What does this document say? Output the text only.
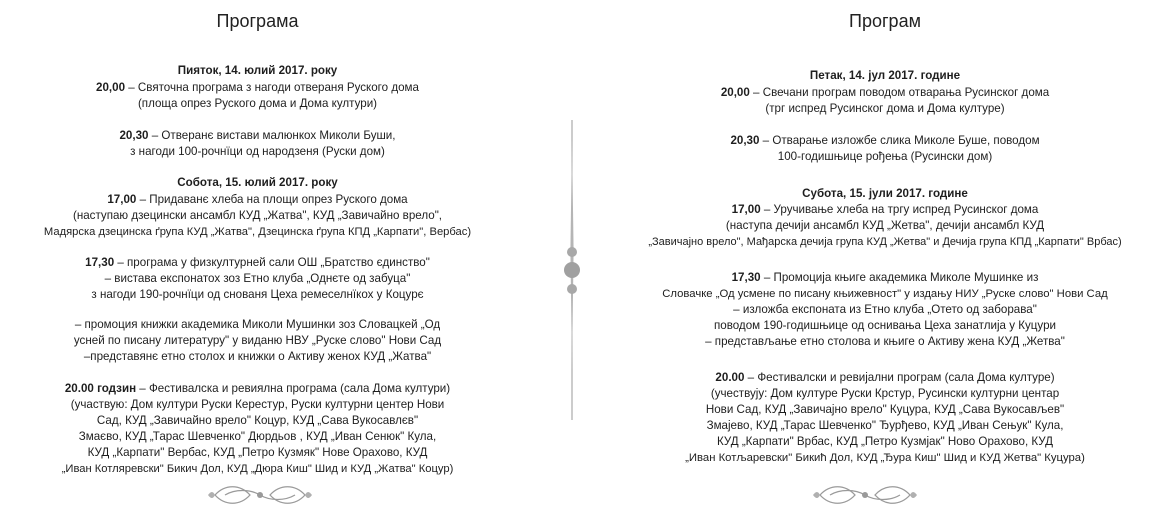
Програма
Пияток, 14. юлий 2017. року
20,00 – Святочна програма з нагоди отвераня Руского дома
(площа опрез Руского дома и Дома култури)
20,30 – Отверанє вистави малюнкох Миколи Буши,
з нагоди 100-рочнїци од народзеня (Руски дом)
Собота, 15. юлий 2017. року
17,00 – Придаванє хлеба на площи опрез Руского дома
(наступаю дзецински ансамбл КУД „Жатва", КУД „Завичайно врело",
Мадярска дзецинска ґрупа КУД „Жатва", Дзецинска ґрупа КПД „Карпати", Вербас)
17,30 – програма у физкултурней сали ОШ „Братство єдинство"
– вистава експонатох зоз Етно клуба „Однєте од забуца"
з нагоди 190-рочнїци од снованя Цеха ремеселнїкох у Коцурє
– промоция книжки академика Миколи Мушинки зоз Словацкей „Од
усней по писану литературу" у виданю НВУ „Руске слово" Нови Сад
–представянє етно столох и книжки о Активу женох КУД „Жатва"
20.00 годзин – Фестивалска и ревиялна програма (сала Дома култури)
(участвую: Дом култури Руски Керестур, Руски културни центер Нови
Сад, КУД „Завичайно врело" Коцур, КУД „Сава Вукосавлєв"
Змаєво, КУД „Тарас Шевченко" Дюрдьов , КУД „Иван Сенюк" Кула,
КУД „Карпати" Вербас, КУД „Петро Кузмяк" Нове Орахово, КУД
„Иван Котляревски" Бикич Дол, КУД „Дюра Киш" Шид и КУД „Жатва" Коцур)
Програм
Петак, 14. јул 2017. године
20,00 – Свечани програм поводом отварања Русинског дома
(трг испред Русинског дома и Дома културе)
20,30 – Отварање изложбе слика Миколе Буше, поводом
100-годишњице рођења (Русински дом)
Субота, 15. јули 2017. године
17,00 – Уручивање хлеба на тргу испред Русинског дома
(наступа дечији ансамбл КУД „Жетва", дечији ансамбл КУД
„Завичајно врело", Мађарска дечија група КУД „Жетва" и Дечија група КПД „Карпати" Врбас)
17,30 – Промоција књиге академика Миколе Мушинке из
Словачке „Од усмене по писану књижевност" у издању НИУ „Руске слово" Нови Сад
– изложба експоната из Етно клуба „Отето од заборава"
поводом 190-годишњице од оснивања Цеха занатлија у Куцури
– представљање етно столова и књиге о Активу жена КУД „Жетва"
20.00 – Фестивалски и ревијални програм (сала Дома културе)
(учествују: Дом културе Руски Крстур, Русински културни центар
Нови Сад, КУД „Завичајно врело" Куцура, КУД „Сава Вукосављев"
Змајево, КУД „Тарас Шевченко" Ђурђево, КУД „Иван Сењук" Кула,
КУД „Карпати" Врбас, КУД „Петро Кузмјак" Ново Орахово, КУД
„Иван Котљаревски" Бикић Дол, КУД „Ђура Киш" Шид и КУД Жетва" Куцура)
